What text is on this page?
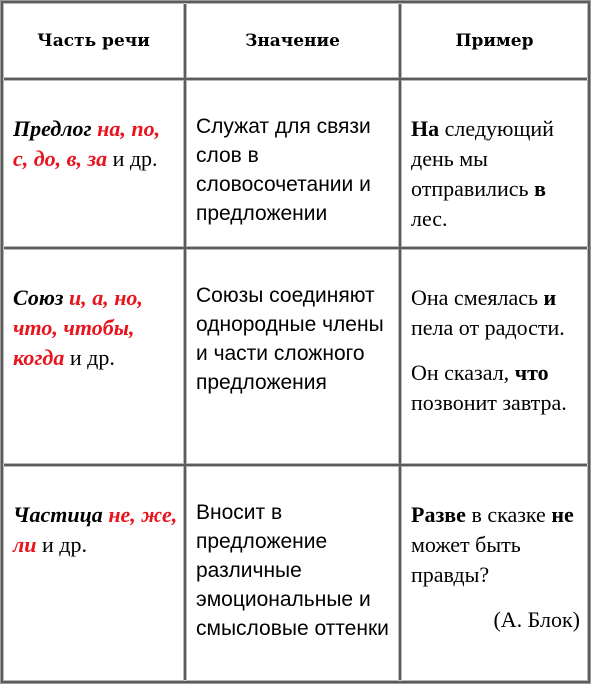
Часть речи	Значение	Пример
Предлог на, по, с, до, в, за и др.
Служат для связи слов в словосочетании и предложении

На следующий день мы отправились в лес.

Союз и, а, но, что, чтобы, когда и др.
Союзы соединяют однородные члены и части сложного предложения

Она смеялась и пела от радости.

Он сказал, что позвонит завтра.

Частица не, же, ли и др.
Вносит в предложение различные эмоциональные и смысловые оттенки

Разве в сказке не может быть правды?

(А. Блок)
